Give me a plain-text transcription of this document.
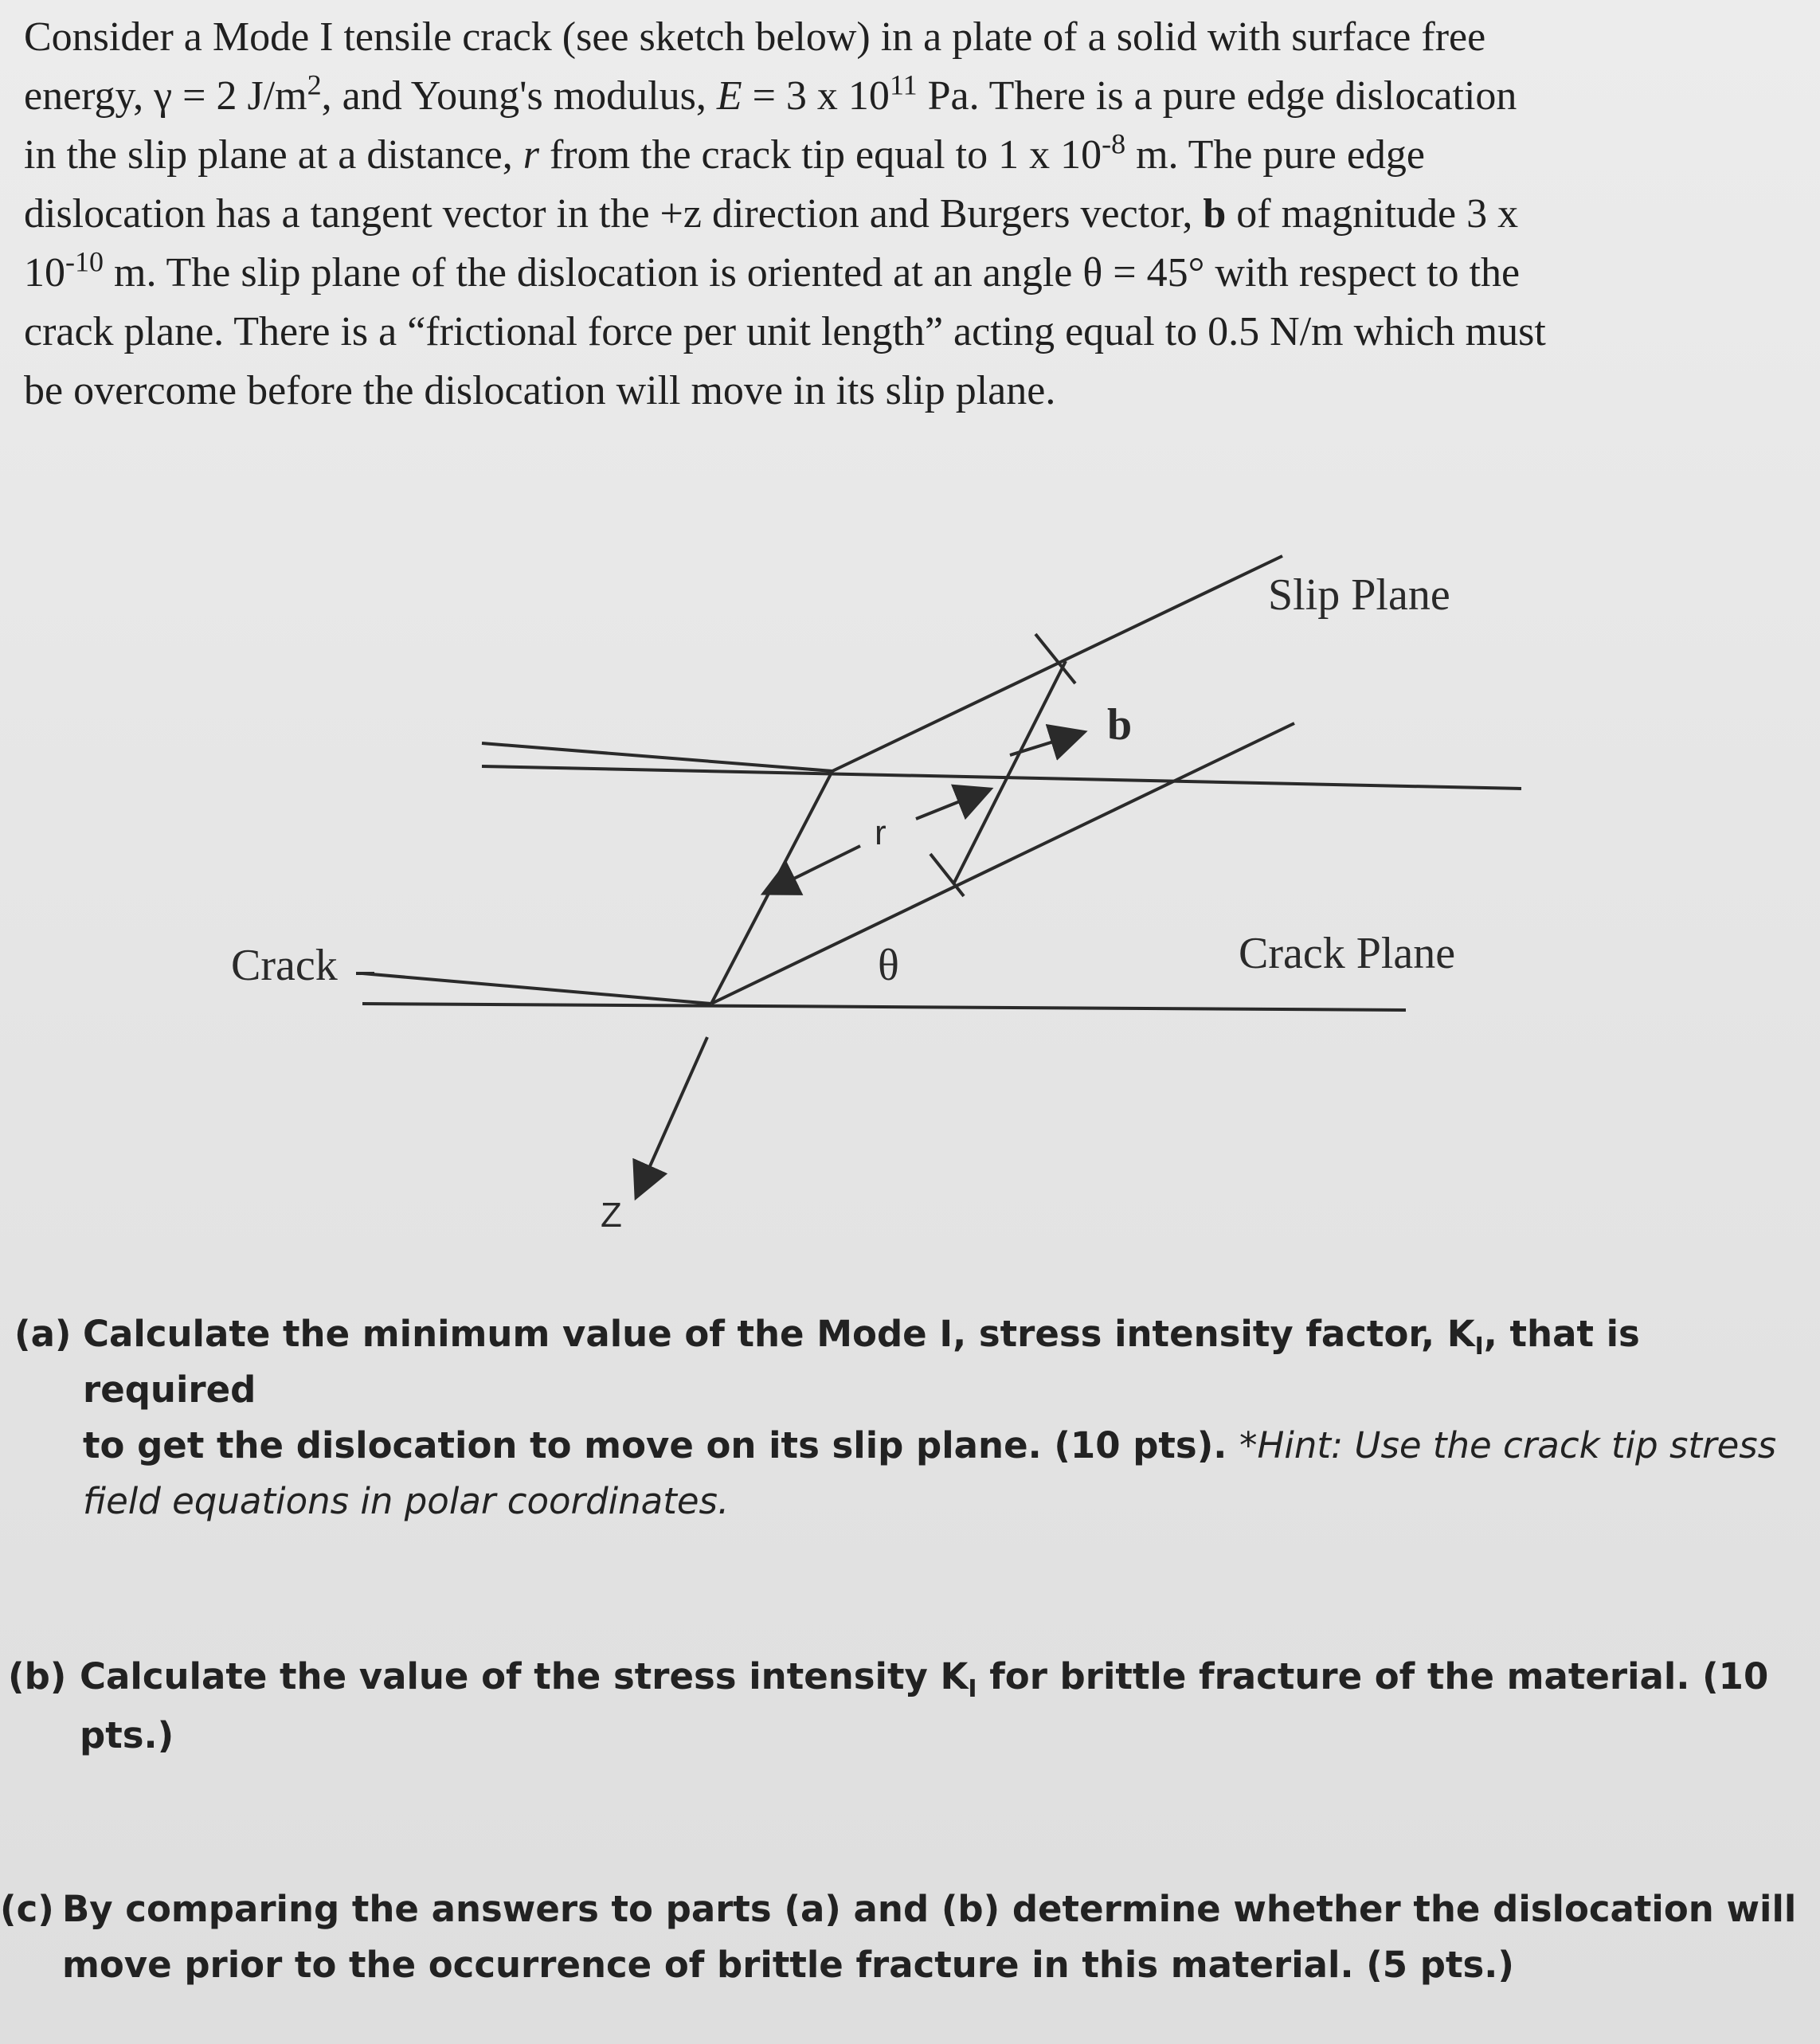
Consider a Mode I tensile crack (see sketch below) in a plate of a solid with surface free
energy, γ = 2 $J/m^2$, and Young's modulus, E = 3 x $10^{11}$ Pa. There is a pure edge dislocation
in the slip plane at a distance, r from the crack tip equal to 1 x $10^{-8}$ m. The pure edge
dislocation has a tangent vector in the +z direction and Burgers vector, b of magnitude 3 x
$10^{-10}$ m. The slip plane of the dislocation is oriented at an angle θ = 45° with respect to the
crack plane. There is a “frictional force per unit length” acting equal to 0.5 N/m which must
be overcome before the dislocation will move in its slip plane.
Slip Plane
Crack Plane
Crack
b
r
θ
Z
(a) Calculate the minimum value of the Mode I, stress intensity factor, $K_I$, that is required
to get the dislocation to move on its slip plane. (10 pts). *Hint: Use the crack tip stress
field equations in polar coordinates.
(b) Calculate the value of the stress intensity $K_I$ for brittle fracture of the material. (10
pts.)
(c) By comparing the answers to parts (a) and (b) determine whether the dislocation will
move prior to the occurrence of brittle fracture in this material. (5 pts.)
